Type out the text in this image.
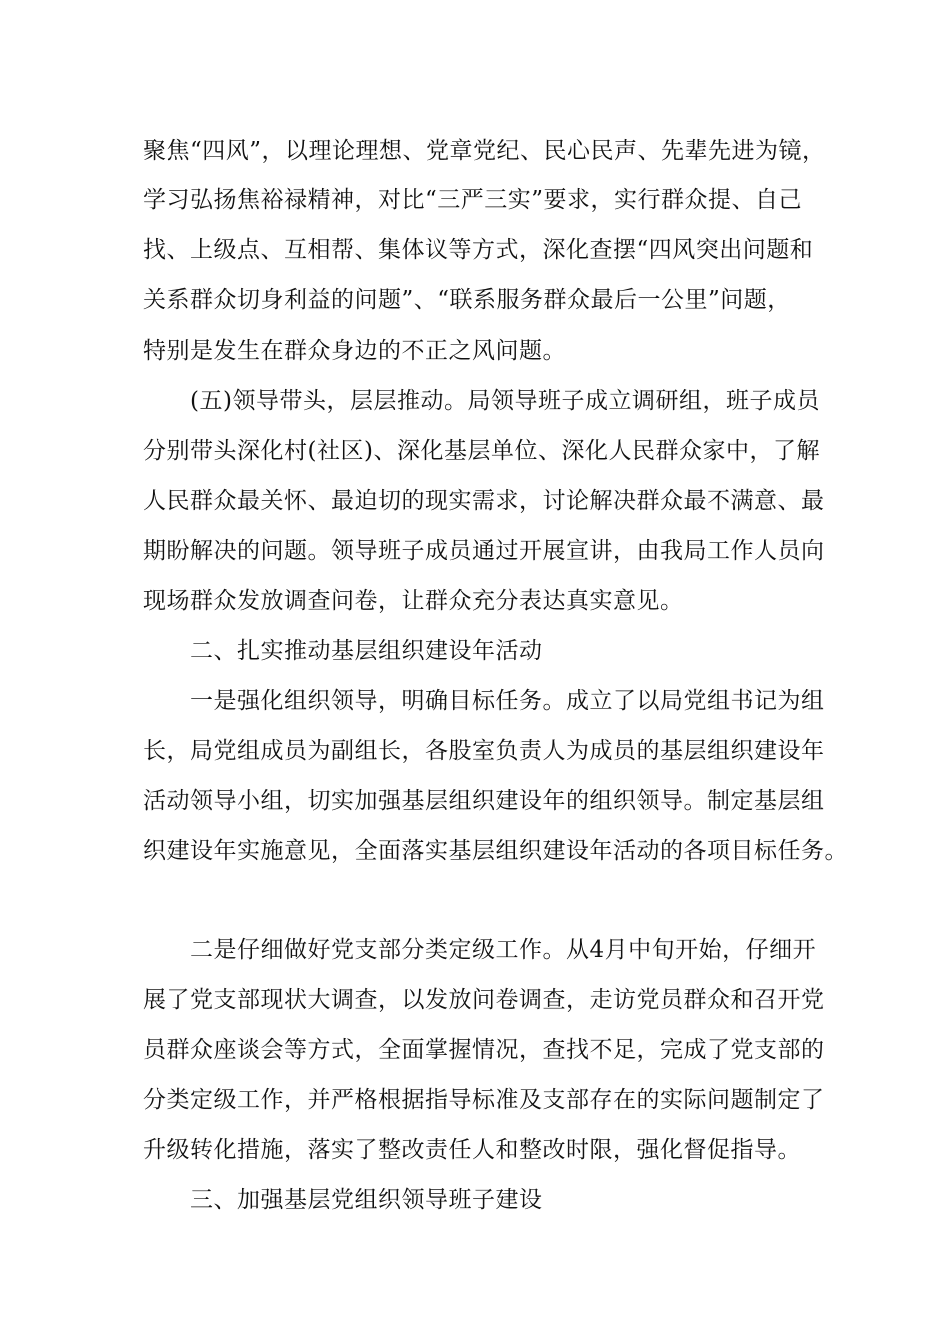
聚焦“四风”，以理论理想、党章党纪、民心民声、先辈先进为镜，
学习弘扬焦裕禄精神，对比“三严三实”要求，实行群众提、自己
找、上级点、互相帮、集体议等方式，深化查摆“四风突出问题和
关系群众切身利益的问题”、“联系服务群众最后一公里”问题，
特别是发生在群众身边的不正之风问题。
(五)领导带头，层层推动。局领导班子成立调研组，班子成员
分别带头深化村(社区)、深化基层单位、深化人民群众家中，了解
人民群众最关怀、最迫切的现实需求，讨论解决群众最不满意、最
期盼解决的问题。领导班子成员通过开展宣讲，由我局工作人员向
现场群众发放调查问卷，让群众充分表达真实意见。
二、扎实推动基层组织建设年活动
一是强化组织领导，明确目标任务。成立了以局党组书记为组
长，局党组成员为副组长，各股室负责人为成员的基层组织建设年
活动领导小组，切实加强基层组织建设年的组织领导。制定基层组
织建设年实施意见，全面落实基层组织建设年活动的各项目标任务。
二是仔细做好党支部分类定级工作。从4月中旬开始，仔细开
展了党支部现状大调查，以发放问卷调查，走访党员群众和召开党
员群众座谈会等方式，全面掌握情况，查找不足，完成了党支部的
分类定级工作，并严格根据指导标准及支部存在的实际问题制定了
升级转化措施，落实了整改责任人和整改时限，强化督促指导。
三、加强基层党组织领导班子建设
